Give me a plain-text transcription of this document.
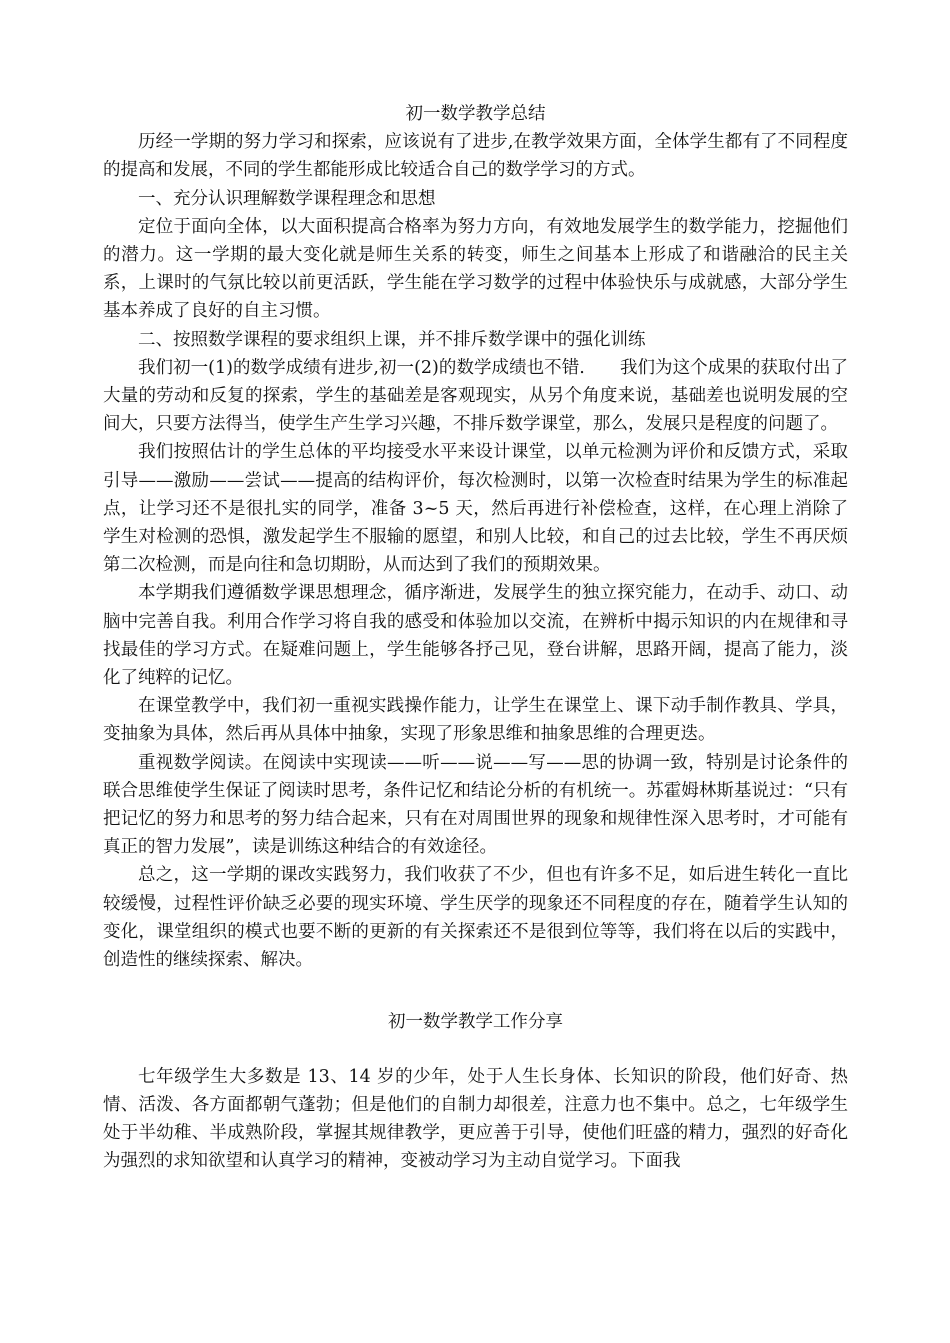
初一数学教学总结

历经一学期的努力学习和探索，应该说有了进步,在教学效果方面，全体学生都有了不同程度的提高和发展，不同的学生都能形成比较适合自己的数学学习的方式。

一、充分认识理解数学课程理念和思想

定位于面向全体，以大面积提高合格率为努力方向，有效地发展学生的数学能力，挖掘他们的潜力。这一学期的最大变化就是师生关系的转变，师生之间基本上形成了和谐融洽的民主关系，上课时的气氛比较以前更活跃，学生能在学习数学的过程中体验快乐与成就感，大部分学生基本养成了良好的自主习惯。

二、按照数学课程的要求组织上课，并不排斥数学课中的强化训练

我们初一(1)的数学成绩有进步,初一(2)的数学成绩也不错.　　我们为这个成果的获取付出了大量的劳动和反复的探索，学生的基础差是客观现实，从另个角度来说，基础差也说明发展的空间大，只要方法得当，使学生产生学习兴趣，不排斥数学课堂，那么，发展只是程度的问题了。

我们按照估计的学生总体的平均接受水平来设计课堂，以单元检测为评价和反馈方式，采取引导——激励——尝试——提高的结构评价，每次检测时，以第一次检查时结果为学生的标准起点，让学习还不是很扎实的同学，准备 3~5 天，然后再进行补偿检查，这样，在心理上消除了学生对检测的恐惧，激发起学生不服输的愿望，和别人比较，和自己的过去比较，学生不再厌烦第二次检测，而是向往和急切期盼，从而达到了我们的预期效果。

本学期我们遵循数学课思想理念，循序渐进，发展学生的独立探究能力，在动手、动口、动脑中完善自我。利用合作学习将自我的感受和体验加以交流，在辨析中揭示知识的内在规律和寻找最佳的学习方式。在疑难问题上，学生能够各抒己见，登台讲解，思路开阔，提高了能力，淡化了纯粹的记忆。

在课堂教学中，我们初一重视实践操作能力，让学生在课堂上、课下动手制作教具、学具，变抽象为具体，然后再从具体中抽象，实现了形象思维和抽象思维的合理更迭。

重视数学阅读。在阅读中实现读——听——说——写——思的协调一致，特别是讨论条件的联合思维使学生保证了阅读时思考，条件记忆和结论分析的有机统一。苏霍姆林斯基说过：“只有把记忆的努力和思考的努力结合起来，只有在对周围世界的现象和规律性深入思考时，才可能有真正的智力发展”，读是训练这种结合的有效途径。

总之，这一学期的课改实践努力，我们收获了不少，但也有许多不足，如后进生转化一直比较缓慢，过程性评价缺乏必要的现实环境、学生厌学的现象还不同程度的存在，随着学生认知的变化，课堂组织的模式也要不断的更新的有关探索还不是很到位等等，我们将在以后的实践中，创造性的继续探索、解决。

初一数学教学工作分享

七年级学生大多数是 13、14 岁的少年，处于人生长身体、长知识的阶段，他们好奇、热情、活泼、各方面都朝气蓬勃；但是他们的自制力却很差，注意力也不集中。总之，七年级学生处于半幼稚、半成熟阶段，掌握其规律教学，更应善于引导，使他们旺盛的精力，强烈的好奇化为强烈的求知欲望和认真学习的精神，变被动学习为主动自觉学习。下面我
